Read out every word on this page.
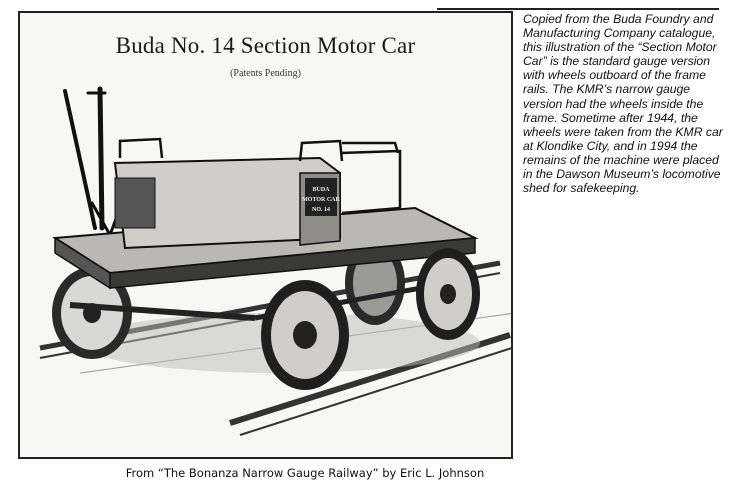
BUDA
MOTOR CAR
NO. 14
Buda No. 14 Section Motor Car
(Patents Pending)
Copied from the Buda Foundry and Manufacturing Company catalogue, this illustration of the “Section Motor Car” is the standard gauge version with wheels outboard of the frame rails. The KMR’s narrow gauge version had the wheels inside the frame. Sometime after 1944, the wheels were taken from the KMR car at Klondike City, and in 1994 the remains of the machine were placed in the Dawson Museum’s locomotive shed for safekeeping.
From “The Bonanza Narrow Gauge Railway” by Eric L. Johnson
